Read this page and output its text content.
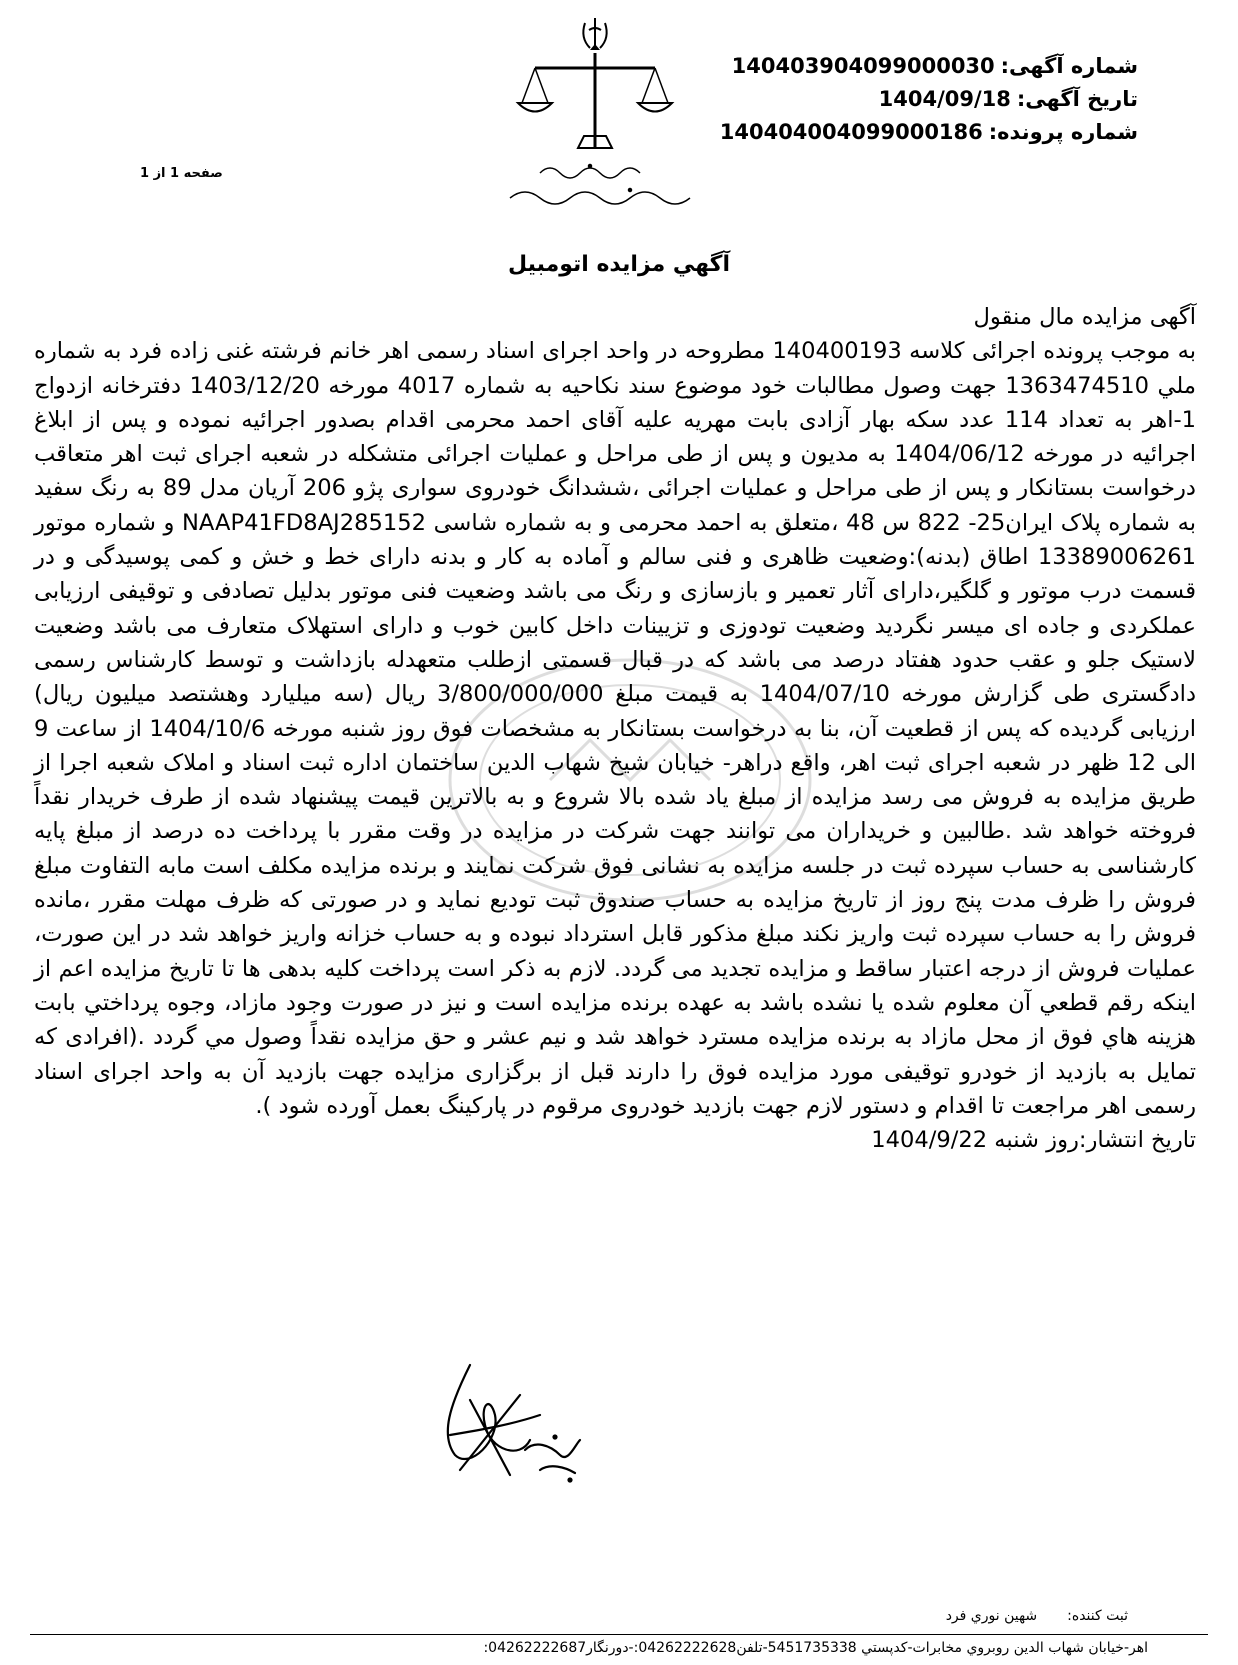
شماره آگهی:
140403904099000030
تاریخ آگهی:
1404/09/18
شماره پرونده:
140404004099000186
صفحه 1 از 1
آگهي مزايده اتومبيل

آگهی مزایده مال منقول

به موجب پرونده اجرائی کلاسه 140400193 مطروحه در واحد اجرای اسناد رسمی اهر خانم فرشته غنی زاده فرد به شماره ملي 1363474510 جهت وصول مطالبات خود موضوع سند نکاحیه به شماره 4017 مورخه 1403/12/20 دفترخانه ازدواج 1-اهر به تعداد 114 عدد سکه بهار آزادی بابت مهریه علیه آقای احمد محرمی اقدام بصدور اجرائیه نموده و پس از ابلاغ اجرائیه در مورخه 1404/06/12 به مدیون و پس از طی مراحل و عملیات اجرائی متشکله در شعبه اجرای ثبت اهر متعاقب درخواست بستانکار و پس از طی مراحل و عملیات اجرائی ،ششدانگ خودروی سواری پژو 206 آریان مدل 89 به رنگ سفید به شماره پلاک ایران25- 822 س 48 ،متعلق به احمد محرمی و به شماره شاسی NAAP41FD8AJ285152 و شماره موتور 13389006261 اطاق (بدنه):وضعیت ظاهری و فنی سالم و آماده به کار و بدنه دارای خط و خش و کمی پوسیدگی و در قسمت درب موتور و گلگیر،دارای آثار تعمیر و بازسازی و رنگ می باشد وضعیت فنی موتور بدلیل تصادفی و توقیفی ارزیابی عملکردی و جاده ای میسر نگردید وضعیت تودوزی و تزیینات داخل کابین خوب و دارای استهلاک متعارف می باشد وضعیت لاستیک جلو و عقب حدود هفتاد درصد می باشد که در قبال قسمتی ازطلب متعهدله بازداشت و توسط کارشناس رسمی دادگستری طی گزارش مورخه 1404/07/10 به قیمت مبلغ 3/800/000/000 ریال (سه میلیارد وهشتصد میلیون ریال) ارزیابی گردیده که پس از قطعیت آن، بنا به درخواست بستانکار به مشخصات فوق روز شنبه مورخه 1404/10/6 از ساعت 9 الی 12 ظهر در شعبه اجرای ثبت اهر، واقع دراهر- خیابان شیخ شهاب الدین ساختمان اداره ثبت اسناد و املاک شعبه اجرا از طریق مزایده به فروش می رسد مزایده از مبلغ یاد شده بالا شروع و به بالاترین قیمت پیشنهاد شده از طرف خریدار نقداً فروخته خواهد شد .طالبین و خریداران می توانند جهت شرکت در مزایده در وقت مقرر با پرداخت ده درصد از مبلغ پایه کارشناسی به حساب سپرده ثبت در جلسه مزایده به نشانی فوق شرکت نمایند و برنده مزایده مکلف است مابه التفاوت مبلغ فروش را ظرف مدت پنج روز از تاریخ مزایده به حساب صندوق ثبت تودیع نماید و در صورتی که ظرف مهلت مقرر ،مانده فروش را به حساب سپرده ثبت واریز نکند مبلغ مذکور قابل استرداد نبوده و به حساب خزانه واریز خواهد شد در این صورت، عملیات فروش از درجه اعتبار ساقط و مزایده تجدید می گردد. لازم به ذکر است پرداخت کلیه بدهی ها تا تاریخ مزایده اعم از اینکه رقم قطعي آن معلوم شده یا نشده باشد به عهده برنده مزایده است و نیز در صورت وجود مازاد، وجوه پرداختي بابت هزينه هاي فوق از محل مازاد به برنده مزايده مسترد خواهد شد و نیم عشر و حق مزايده نقداً وصول مي گردد .(افرادی که تمایل به بازدید از خودرو توقیفی مورد مزایده فوق را دارند قبل از برگزاری مزایده جهت بازدید آن به واحد اجرای اسناد رسمی اهر مراجعت تا اقدام و دستور لازم جهت بازدید خودروی مرقوم در پارکینگ بعمل آورده شود ).

تاریخ انتشار:روز شنبه 1404/9/22

ثبت کننده:
شهین نوري فرد
اهر-خيابان شهاب الدين روبروي مخابرات-کدپستي 5451735338-تلفن04262222628:-دورنگار04262222687:
